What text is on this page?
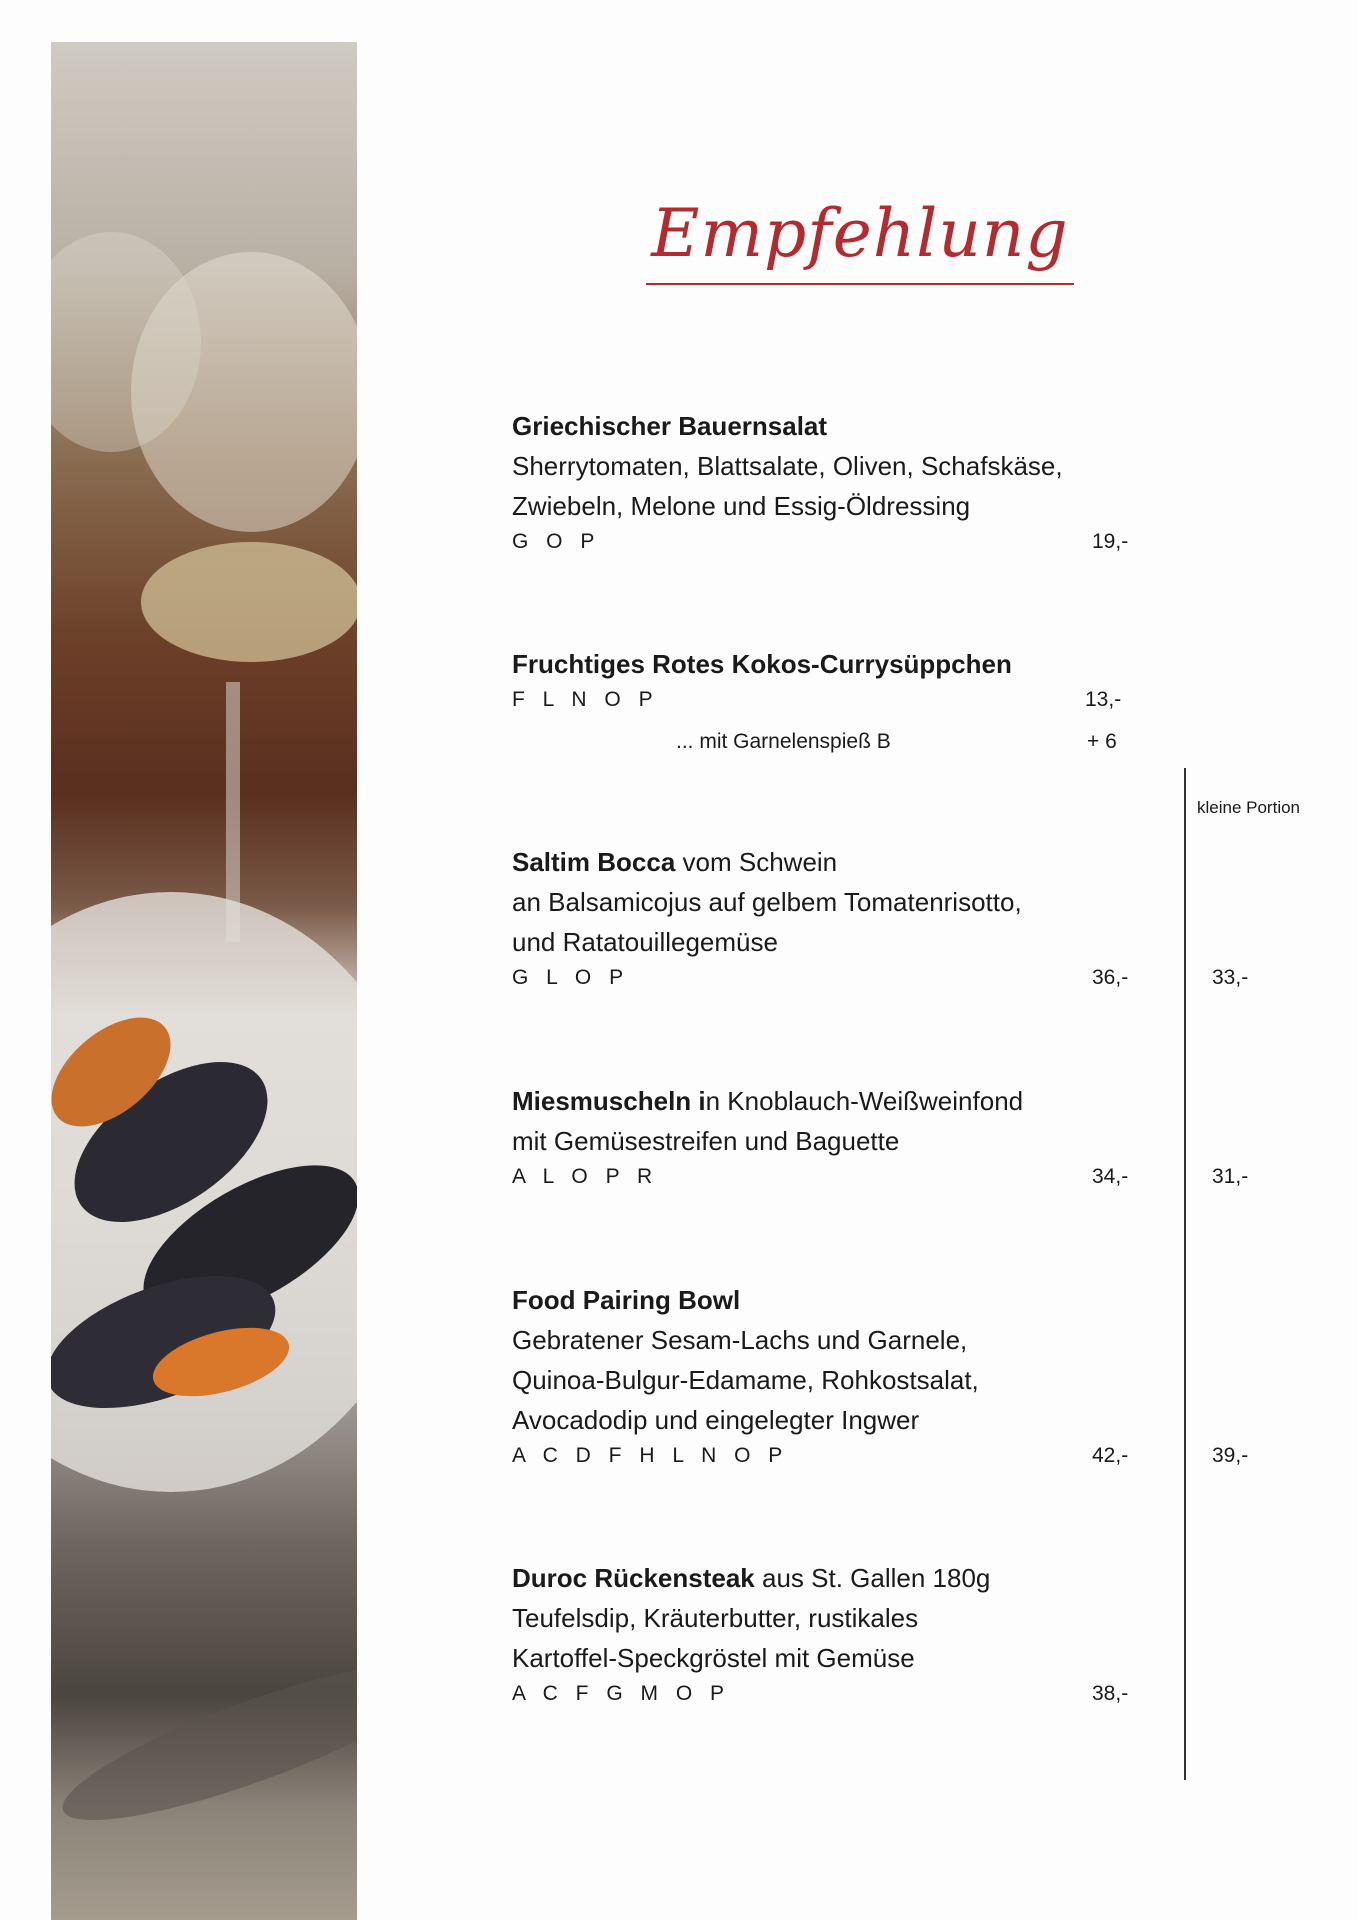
Empfehlung
kleine Portion
Griechischer Bauernsalat
Sherrytomaten, Blattsalate, Oliven, Schafskäse,
Zwiebeln, Melone und Essig-Öldressing
G O P	19,-
Fruchtiges Rotes Kokos-Currysüppchen
F L N O P	13,-
... mit Garnelenspieß B	+ 6
Saltim Bocca vom Schwein
an Balsamicojus auf gelbem Tomatenrisotto,
und Ratatouillegemüse
G L O P	36,-	33,-
Miesmuscheln in Knoblauch-Weißweinfond
mit Gemüsestreifen und Baguette
A L O P R	34,-	31,-
Food Pairing Bowl
Gebratener Sesam-Lachs und Garnele,
Quinoa-Bulgur-Edamame, Rohkostsalat,
Avocadodip und eingelegter Ingwer
A C D F H L N O P	42,-	39,-
Duroc Rückensteak aus St. Gallen 180g
Teufelsdip, Kräuterbutter, rustikales
Kartoffel-Speckgröstel mit Gemüse
A C F G M O P	38,-
